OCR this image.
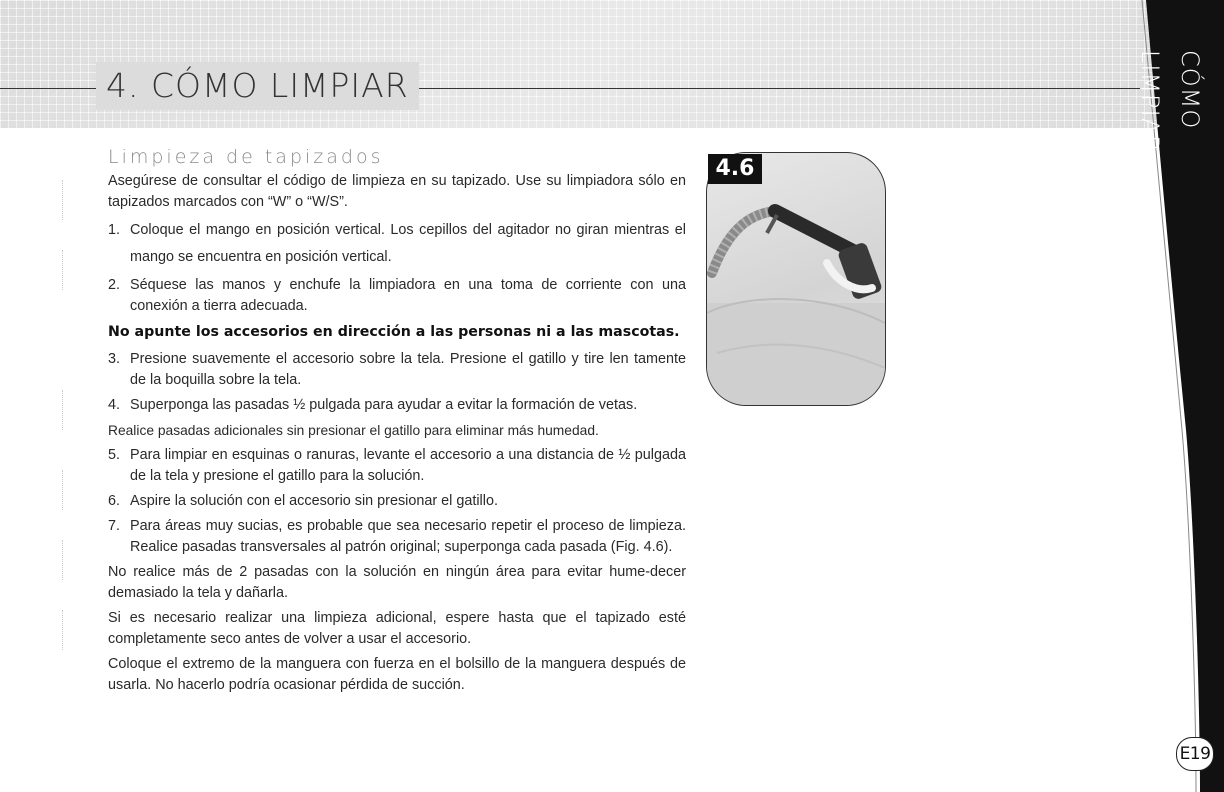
4. CÓMO LIMPIAR	CÓMO LIMPIAR
E19
Limpieza de tapizados

Asegúrese de consultar el código de limpieza en su tapizado. Use su limpiadora sólo en tapizados marcados con “W” o “W/S”.

1. Coloque el mango en posición vertical. Los cepillos del agitador no giran mientras el mango se encuentra en posición vertical.

2. Séquese las manos y enchufe la limpiadora en una toma de corriente con una conexión a tierra adecuada.

No apunte los accesorios en dirección a las personas ni a las mascotas.

3. Presione suavemente el accesorio sobre la tela. Presione el gatillo y tire len tamente de la boquilla sobre la tela.

4. Superponga las pasadas ½ pulgada para ayudar a evitar la formación de vetas.

Realice pasadas adicionales sin presionar el gatillo para eliminar más humedad.

5. Para limpiar en esquinas o ranuras, levante el accesorio a una distancia de ½ pulgada de la tela y presione el gatillo para la solución.

6. Aspire la solución con el accesorio sin presionar el gatillo.

7. Para áreas muy sucias, es probable que sea necesario repetir el proceso de limpieza. Realice pasadas transversales al patrón original; superponga cada pasada (Fig. 4.6).

No realice más de 2 pasadas con la solución en ningún área para evitar hume-decer demasiado la tela y dañarla.

Si es necesario realizar una limpieza adicional, espere hasta que el tapizado esté completamente seco antes de volver a usar el accesorio.

Coloque el extremo de la manguera con fuerza en el bolsillo de la manguera después de usarla. No hacerlo podría ocasionar pérdida de succión.

4.6
